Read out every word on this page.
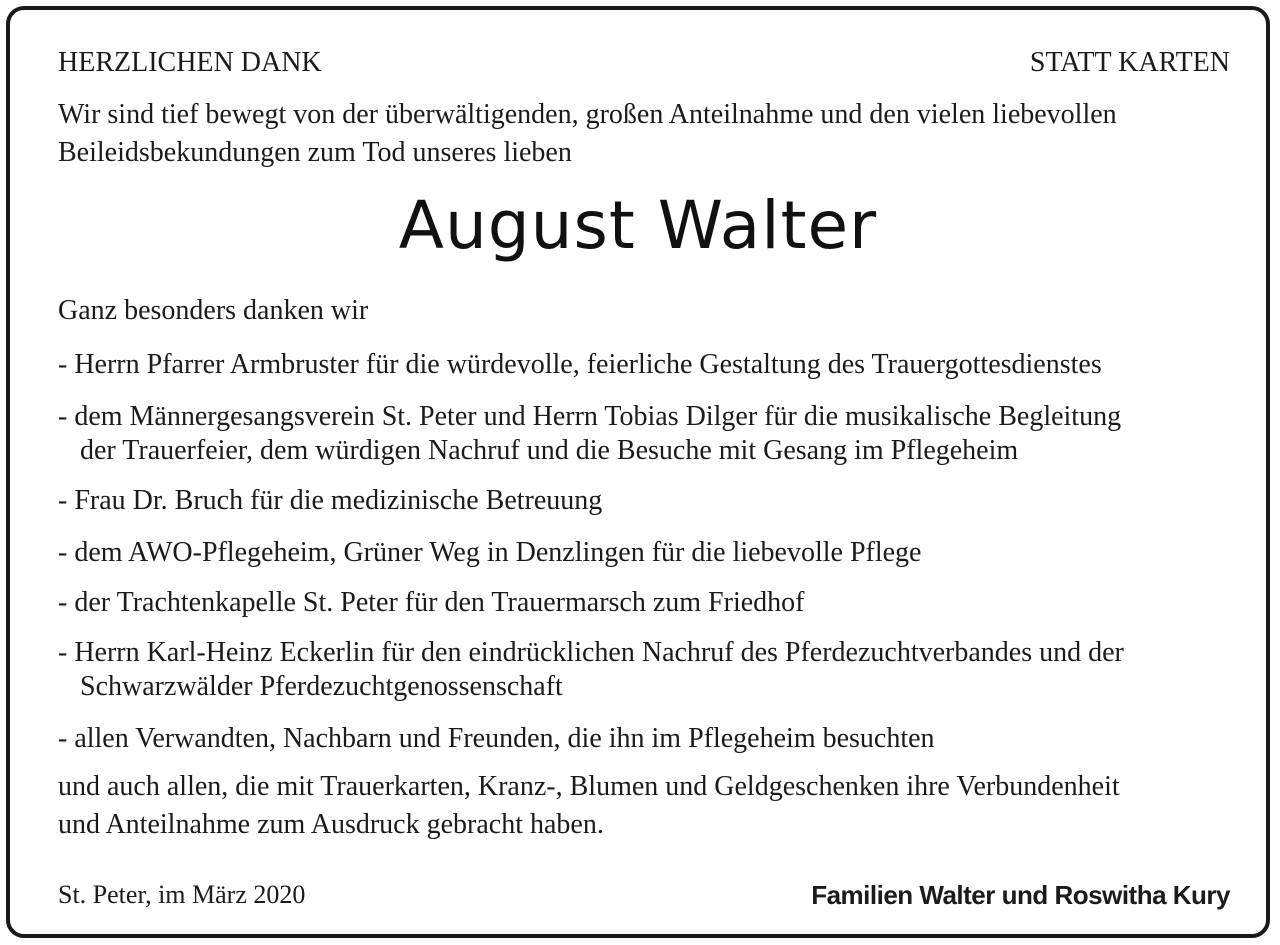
HERZLICHEN DANK	STATT KARTEN
Wir sind tief bewegt von der überwältigenden, großen Anteilnahme und den vielen liebevollen
Beileidsbekundungen zum Tod unseres lieben
August Walter
Ganz besonders danken wir
- Herrn Pfarrer Armbruster für die würdevolle, feierliche Gestaltung des Trauergottesdienstes
- dem Männergesangsverein St. Peter und Herrn Tobias Dilger für die musikalische Begleitung
der Trauerfeier, dem würdigen Nachruf und die Besuche mit Gesang im Pflegeheim
- Frau Dr. Bruch für die medizinische Betreuung
- dem AWO-Pflegeheim, Grüner Weg in Denzlingen für die liebevolle Pflege
- der Trachtenkapelle St. Peter für den Trauermarsch zum Friedhof
- Herrn Karl-Heinz Eckerlin für den eindrücklichen Nachruf des Pferdezuchtverbandes und der
Schwarzwälder Pferdezuchtgenossenschaft
- allen Verwandten, Nachbarn und Freunden, die ihn im Pflegeheim besuchten
und auch allen, die mit Trauerkarten, Kranz-, Blumen und Geldgeschenken ihre Verbundenheit
und Anteilnahme zum Ausdruck gebracht haben.
St. Peter, im März 2020	Familien Walter und Roswitha Kury
